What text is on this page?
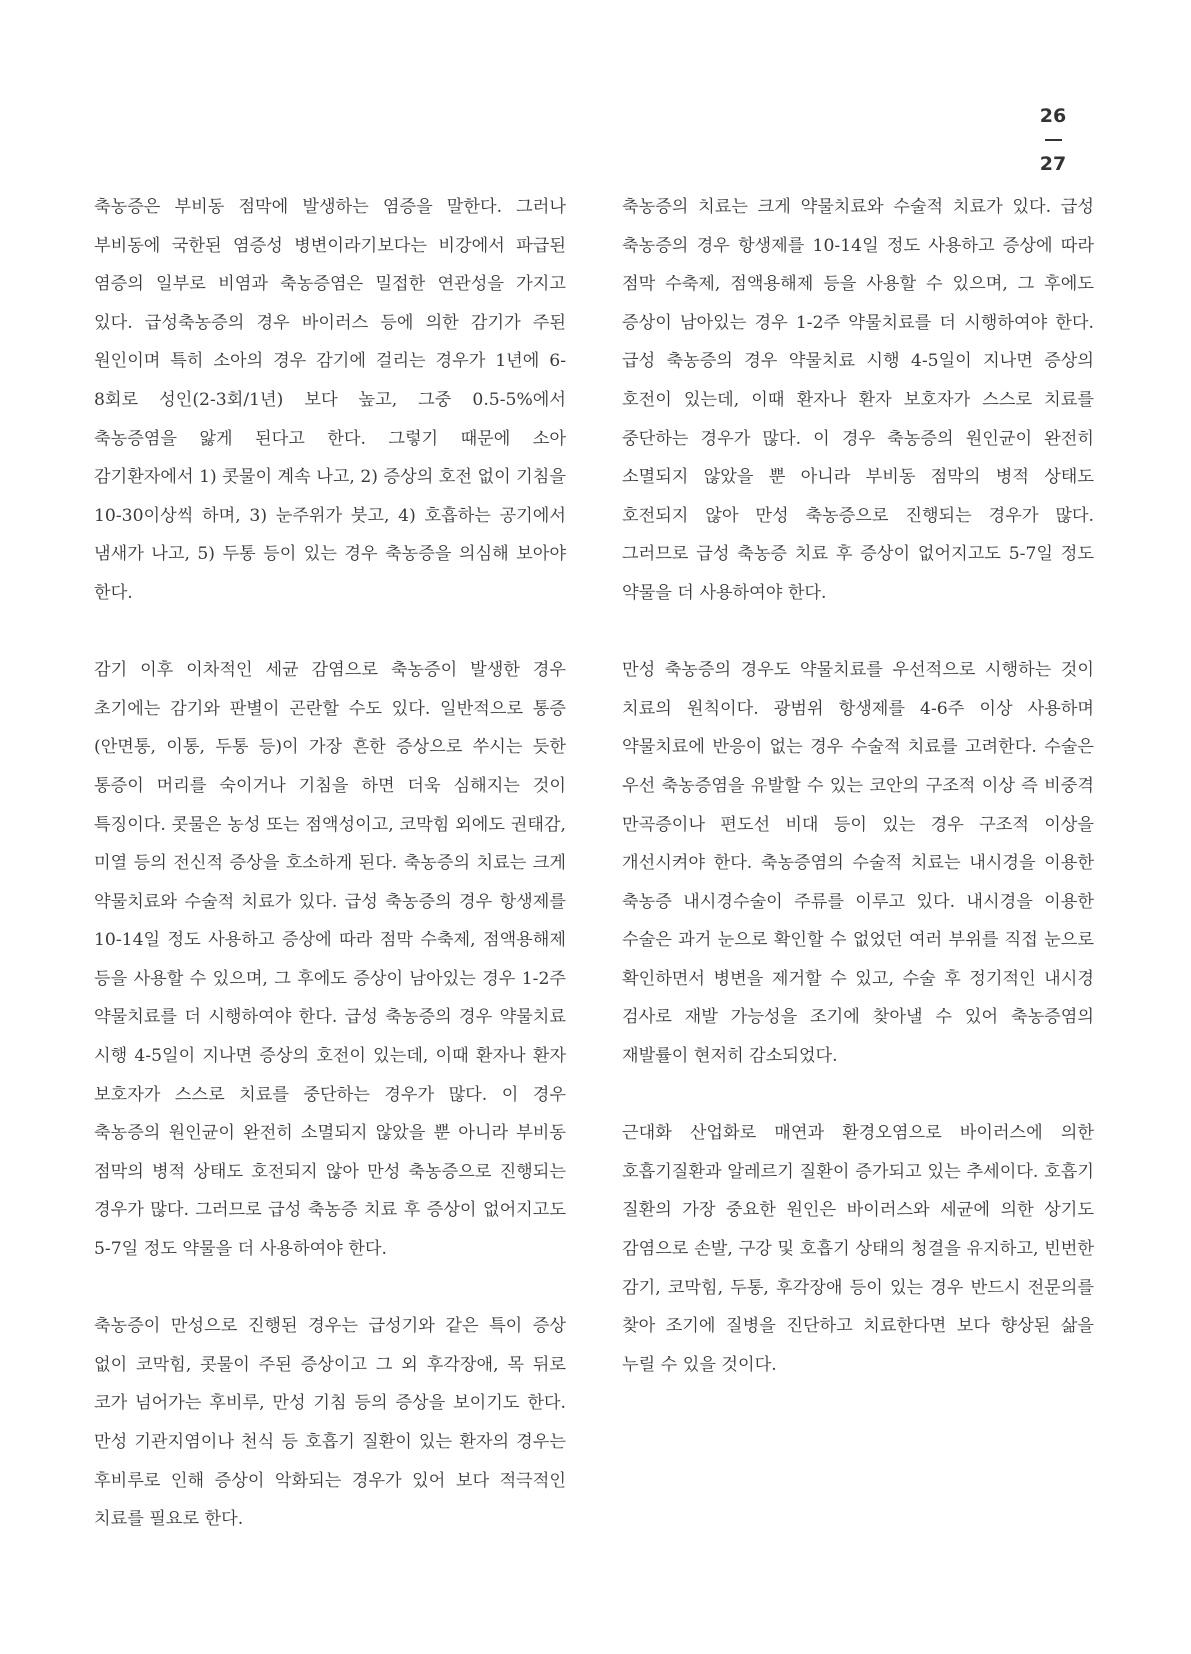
26
27

축농증은 부비동 점막에 발생하는 염증을 말한다. 그러나 부비동에 국한된 염증성 병변이라기보다는 비강에서 파급된 염증의 일부로 비염과 축농증염은 밀접한 연관성을 가지고 있다. 급성축농증의 경우 바이러스 등에 의한 감기가 주된 원인이며 특히 소아의 경우 감기에 걸리는 경우가 1년에 6-8회로 성인(2-3회/1년) 보다 높고, 그중 0.5-5%에서 축농증염을 앓게 된다고 한다. 그렇기 때문에 소아 감기환자에서 1) 콧물이 계속 나고, 2) 증상의 호전 없이 기침을 10-30이상씩 하며, 3) 눈주위가 붓고, 4) 호흡하는 공기에서 냄새가 나고, 5) 두통 등이 있는 경우 축농증을 의심해 보아야 한다.

감기 이후 이차적인 세균 감염으로 축농증이 발생한 경우 초기에는 감기와 판별이 곤란할 수도 있다. 일반적으로 통증(안면통, 이통, 두통 등)이 가장 흔한 증상으로 쑤시는 듯한 통증이 머리를 숙이거나 기침을 하면 더욱 심해지는 것이 특징이다. 콧물은 농성 또는 점액성이고, 코막힘 외에도 권태감, 미열 등의 전신적 증상을 호소하게 된다. 축농증의 치료는 크게 약물치료와 수술적 치료가 있다. 급성 축농증의 경우 항생제를 10-14일 정도 사용하고 증상에 따라 점막 수축제, 점액용해제 등을 사용할 수 있으며, 그 후에도 증상이 남아있는 경우 1-2주 약물치료를 더 시행하여야 한다. 급성 축농증의 경우 약물치료 시행 4-5일이 지나면 증상의 호전이 있는데, 이때 환자나 환자 보호자가 스스로 치료를 중단하는 경우가 많다. 이 경우 축농증의 원인균이 완전히 소멸되지 않았을 뿐 아니라 부비동 점막의 병적 상태도 호전되지 않아 만성 축농증으로 진행되는 경우가 많다. 그러므로 급성 축농증 치료 후 증상이 없어지고도 5-7일 정도 약물을 더 사용하여야 한다.

축농증이 만성으로 진행된 경우는 급성기와 같은 특이 증상 없이 코막힘, 콧물이 주된 증상이고 그 외 후각장애, 목 뒤로 코가 넘어가는 후비루, 만성 기침 등의 증상을 보이기도 한다. 만성 기관지염이나 천식 등 호흡기 질환이 있는 환자의 경우는 후비루로 인해 증상이 악화되는 경우가 있어 보다 적극적인 치료를 필요로 한다.

축농증의 치료는 크게 약물치료와 수술적 치료가 있다. 급성 축농증의 경우 항생제를 10-14일 정도 사용하고 증상에 따라 점막 수축제, 점액용해제 등을 사용할 수 있으며, 그 후에도 증상이 남아있는 경우 1-2주 약물치료를 더 시행하여야 한다. 급성 축농증의 경우 약물치료 시행 4-5일이 지나면 증상의 호전이 있는데, 이때 환자나 환자 보호자가 스스로 치료를 중단하는 경우가 많다. 이 경우 축농증의 원인균이 완전히 소멸되지 않았을 뿐 아니라 부비동 점막의 병적 상태도 호전되지 않아 만성 축농증으로 진행되는 경우가 많다. 그러므로 급성 축농증 치료 후 증상이 없어지고도 5-7일 정도 약물을 더 사용하여야 한다.

만성 축농증의 경우도 약물치료를 우선적으로 시행하는 것이 치료의 원칙이다. 광범위 항생제를 4-6주 이상 사용하며 약물치료에 반응이 없는 경우 수술적 치료를 고려한다. 수술은 우선 축농증염을 유발할 수 있는 코안의 구조적 이상 즉 비중격 만곡증이나 편도선 비대 등이 있는 경우 구조적 이상을 개선시켜야 한다. 축농증염의 수술적 치료는 내시경을 이용한 축농증 내시경수술이 주류를 이루고 있다. 내시경을 이용한 수술은 과거 눈으로 확인할 수 없었던 여러 부위를 직접 눈으로 확인하면서 병변을 제거할 수 있고, 수술 후 정기적인 내시경 검사로 재발 가능성을 조기에 찾아낼 수 있어 축농증염의 재발률이 현저히 감소되었다.

근대화 산업화로 매연과 환경오염으로 바이러스에 의한 호흡기질환과 알레르기 질환이 증가되고 있는 추세이다. 호흡기 질환의 가장 중요한 원인은 바이러스와 세균에 의한 상기도 감염으로 손발, 구강 및 호흡기 상태의 청결을 유지하고, 빈번한 감기, 코막힘, 두통, 후각장애 등이 있는 경우 반드시 전문의를 찾아 조기에 질병을 진단하고 치료한다면 보다 향상된 삶을 누릴 수 있을 것이다.
